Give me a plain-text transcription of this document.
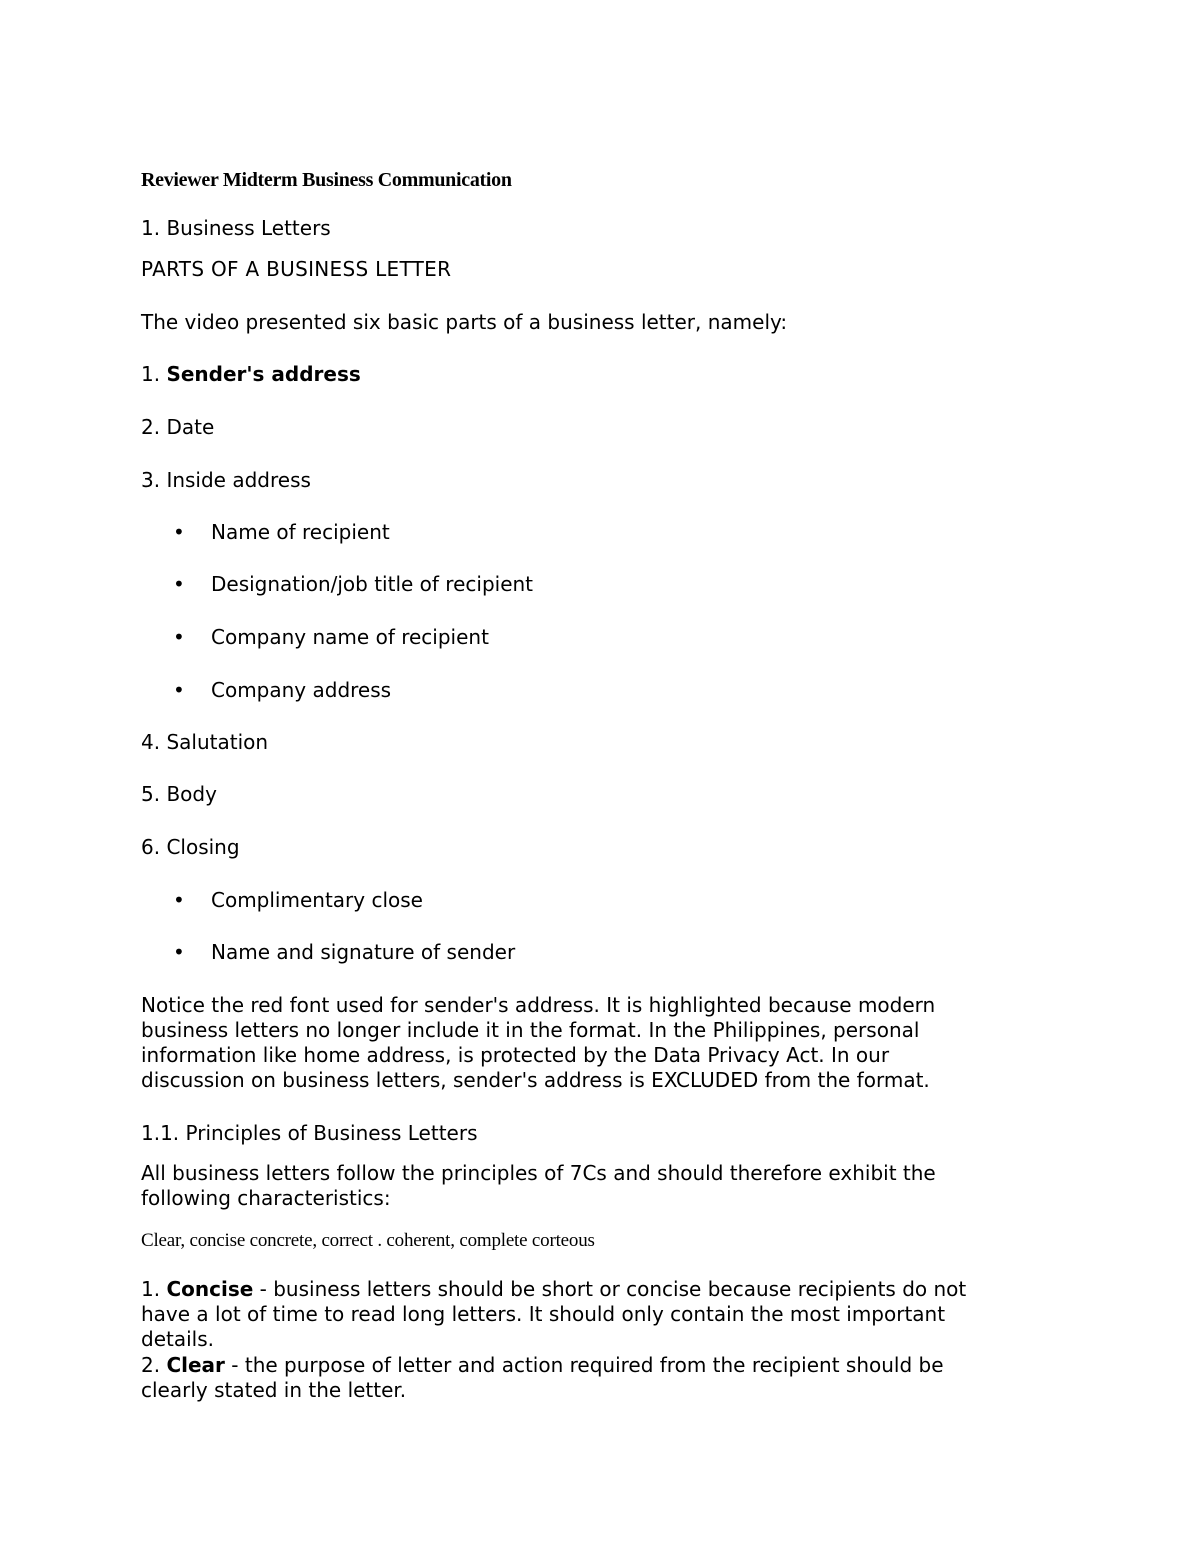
Reviewer Midterm Business Communication
1. Business Letters
PARTS OF A BUSINESS LETTER
The video presented six basic parts of a business letter, namely:
1. Sender's address
2. Date
3. Inside address
• Name of recipient
• Designation/job title of recipient
• Company name of recipient
• Company address
4. Salutation
5. Body
6. Closing
• Complimentary close
• Name and signature of sender
Notice the red font used for sender's address. It is highlighted because modern
business letters no longer include it in the format. In the Philippines, personal
information like home address, is protected by the Data Privacy Act. In our
discussion on business letters, sender's address is EXCLUDED from the format.
1.1. Principles of Business Letters
All business letters follow the principles of 7Cs and should therefore exhibit the
following characteristics:
Clear, concise concrete, correct . coherent, complete corteous
1. Concise - business letters should be short or concise because recipients do not
have a lot of time to read long letters. It should only contain the most important
details.
2. Clear - the purpose of letter and action required from the recipient should be
clearly stated in the letter.
